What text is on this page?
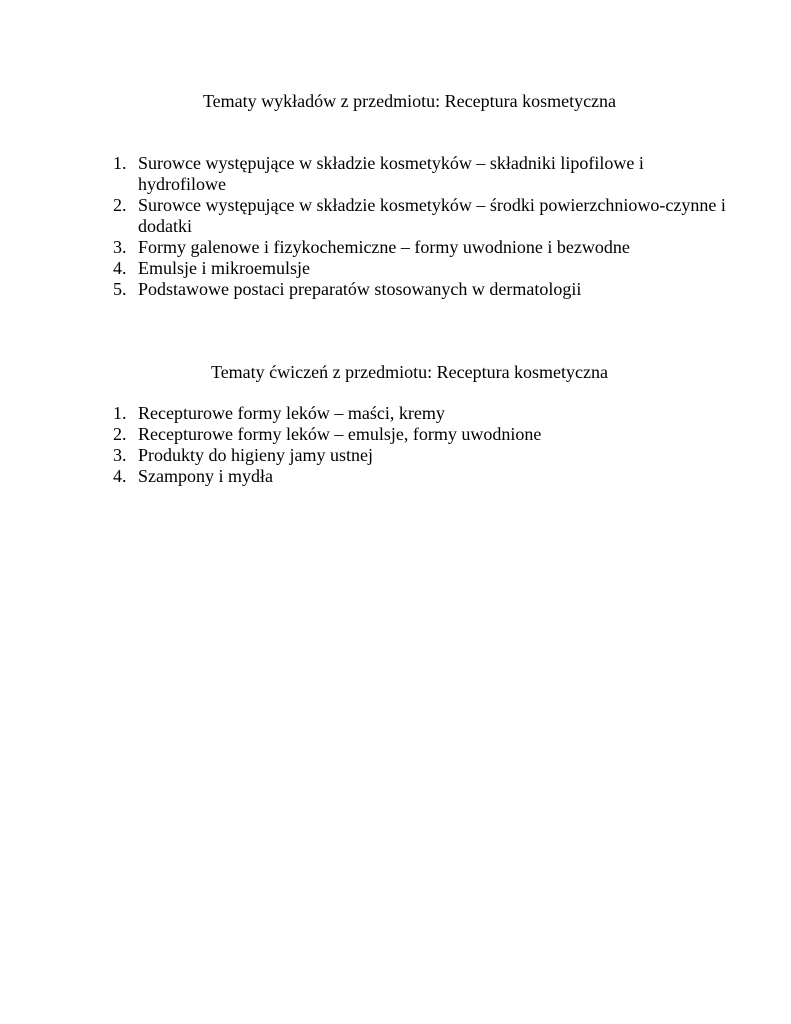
Tematy wykładów z przedmiotu: Receptura kosmetyczna
1. Surowce występujące w składzie kosmetyków – składniki lipofilowe i hydrofilowe
2. Surowce występujące w składzie kosmetyków – środki powierzchniowo-czynne i dodatki
3. Formy galenowe i fizykochemiczne – formy uwodnione i bezwodne
4. Emulsje i mikroemulsje
5. Podstawowe postaci preparatów stosowanych w dermatologii
Tematy ćwiczeń z przedmiotu: Receptura kosmetyczna
1. Recepturowe formy leków – maści, kremy
2. Recepturowe formy leków – emulsje, formy uwodnione
3. Produkty do higieny jamy ustnej
4. Szampony i mydła
